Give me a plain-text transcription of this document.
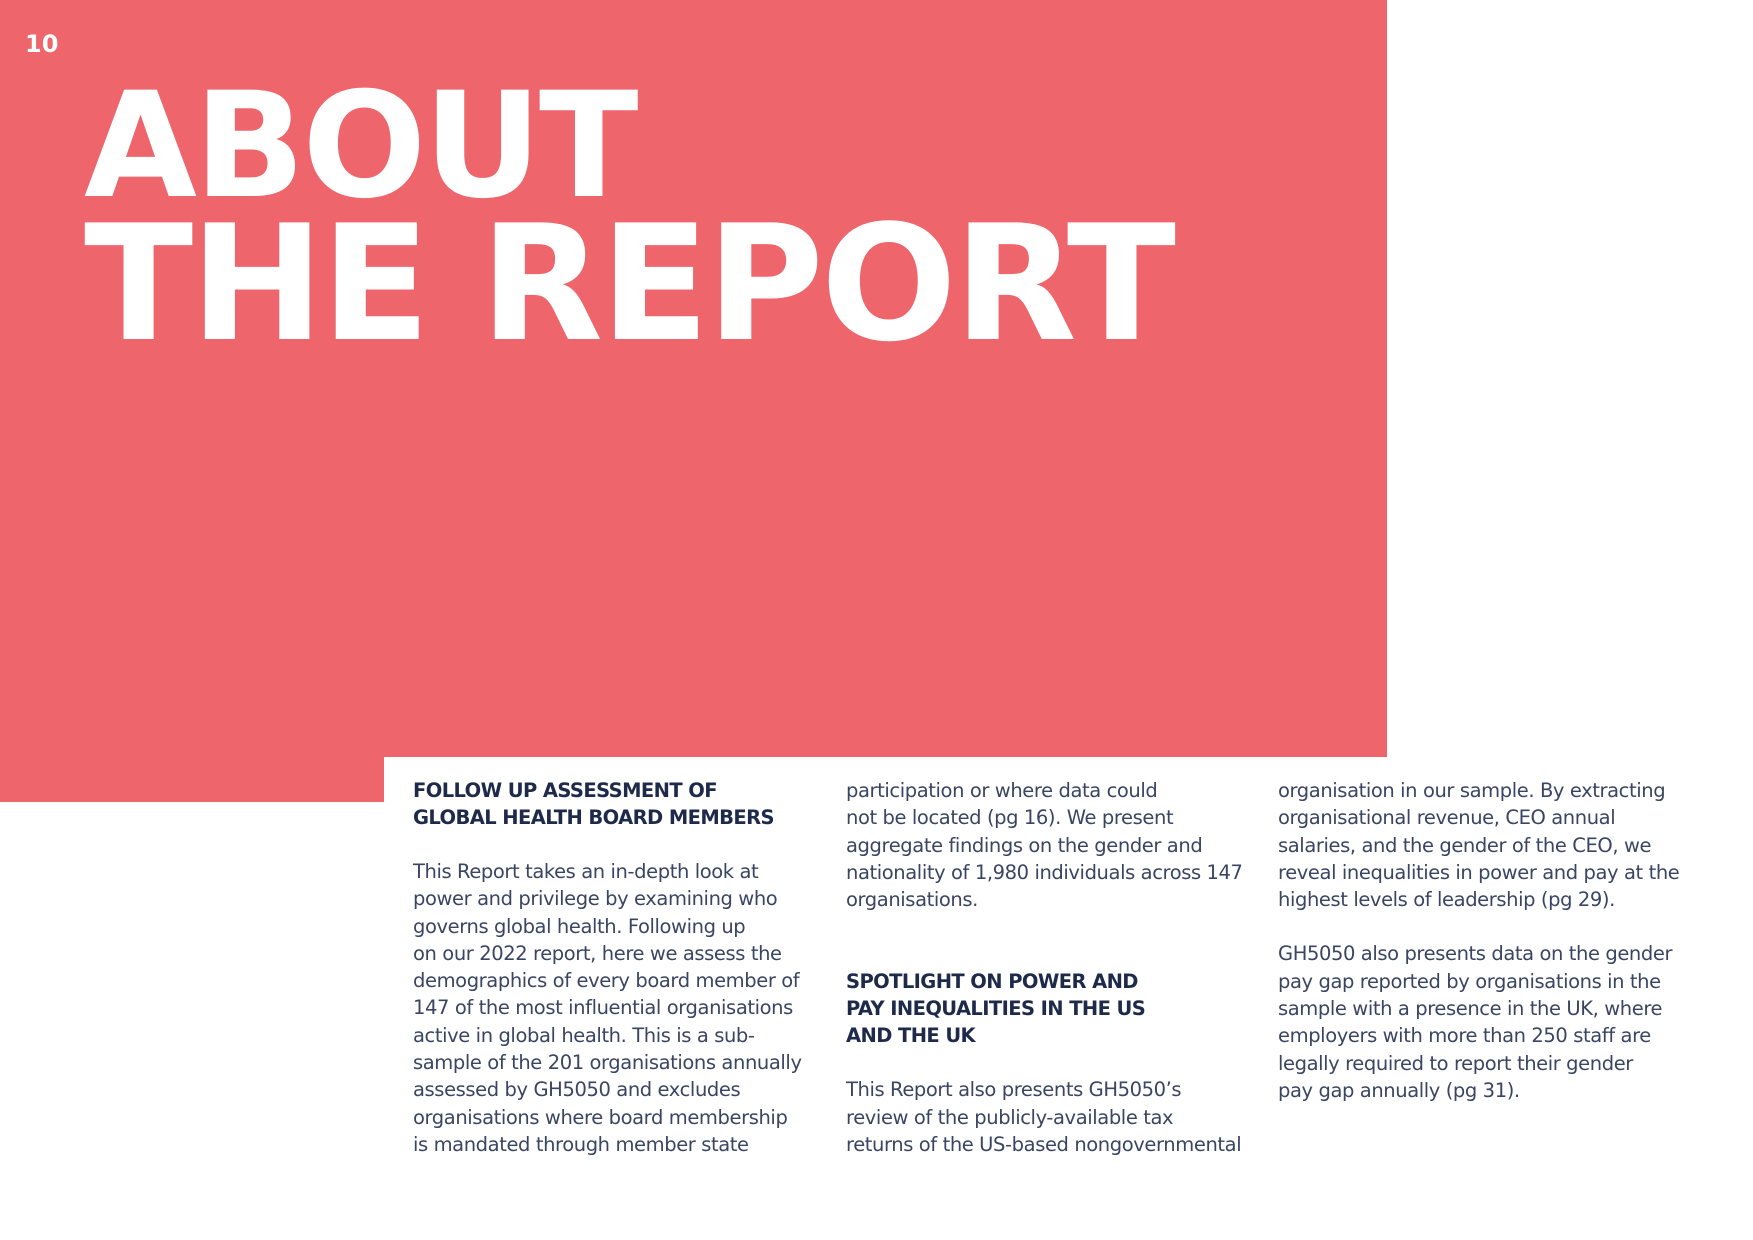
10

ABOUT
THE REPORT
FOLLOW UP ASSESSMENT OF
GLOBAL HEALTH BOARD MEMBERS

This Report takes an in-depth look at
power and privilege by examining who
governs global health. Following up
on our 2022 report, here we assess the
demographics of every board member of
147 of the most influential organisations
active in global health. This is a sub-
sample of the 201 organisations annually
assessed by GH5050 and excludes
organisations where board membership
is mandated through member state

participation or where data could
not be located (pg 16). We present
aggregate findings on the gender and
nationality of 1,980 individuals across 147
organisations.

SPOTLIGHT ON POWER AND
PAY INEQUALITIES IN THE US
AND THE UK

This Report also presents GH5050’s
review of the publicly-available tax
returns of the US-based nongovernmental

organisation in our sample. By extracting
organisational revenue, CEO annual
salaries, and the gender of the CEO, we
reveal inequalities in power and pay at the
highest levels of leadership (pg 29).

GH5050 also presents data on the gender
pay gap reported by organisations in the
sample with a presence in the UK, where
employers with more than 250 staff are
legally required to report their gender
pay gap annually (pg 31).
